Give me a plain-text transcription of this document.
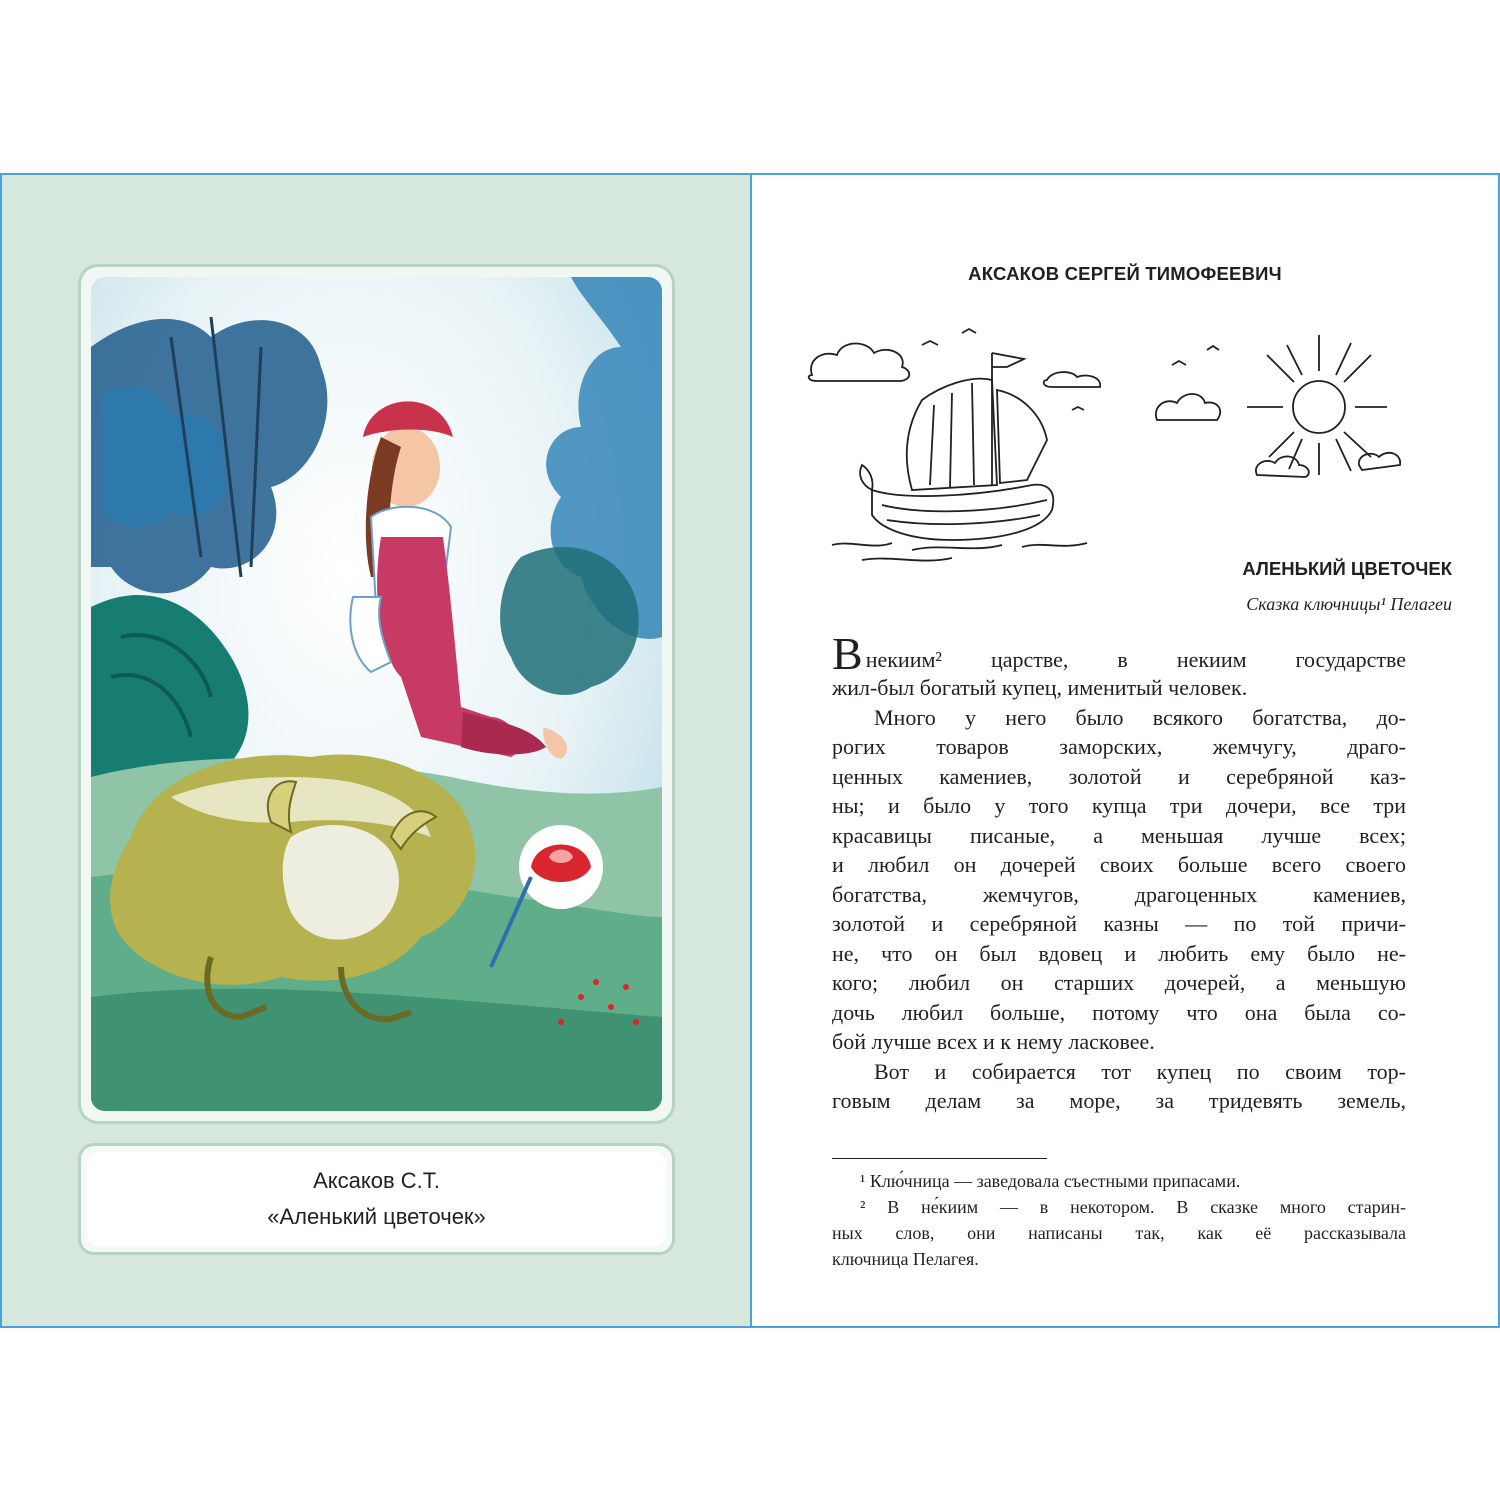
Аксаков С.Т.
«Аленький цветочек»
АКСАКОВ СЕРГЕЙ ТИМОФЕЕВИЧ
АЛЕНЬКИЙ ЦВЕТОЧЕК
Сказка ключницы¹ Пелагеи
Внекиим² царстве, в некиим государстве
жил-был богатый купец, именитый человек.
Много у него было всякого богатства, до-
рогих товаров заморских, жемчугу, драго-
ценных камениев, золотой и серебряной каз-
ны; и было у того купца три дочери, все три
красавицы писаные, а меньшая лучше всех;
и любил он дочерей своих больше всего своего
богатства, жемчугов, драгоценных камениев,
золотой и серебряной казны — по той причи-
не, что он был вдовец и любить ему было не-
кого; любил он старших дочерей, а меньшую
дочь любил больше, потому что она была со-
бой лучше всех и к нему ласковее.
Вот и собирается тот купец по своим тор-
говым делам за море, за тридевять земель,
¹ Клю́чница — заведовала съестными припасами.
² В не́киим — в некотором. В сказке много старин-
ных слов, они написаны так, как её рассказывала
ключница Пелагея.
